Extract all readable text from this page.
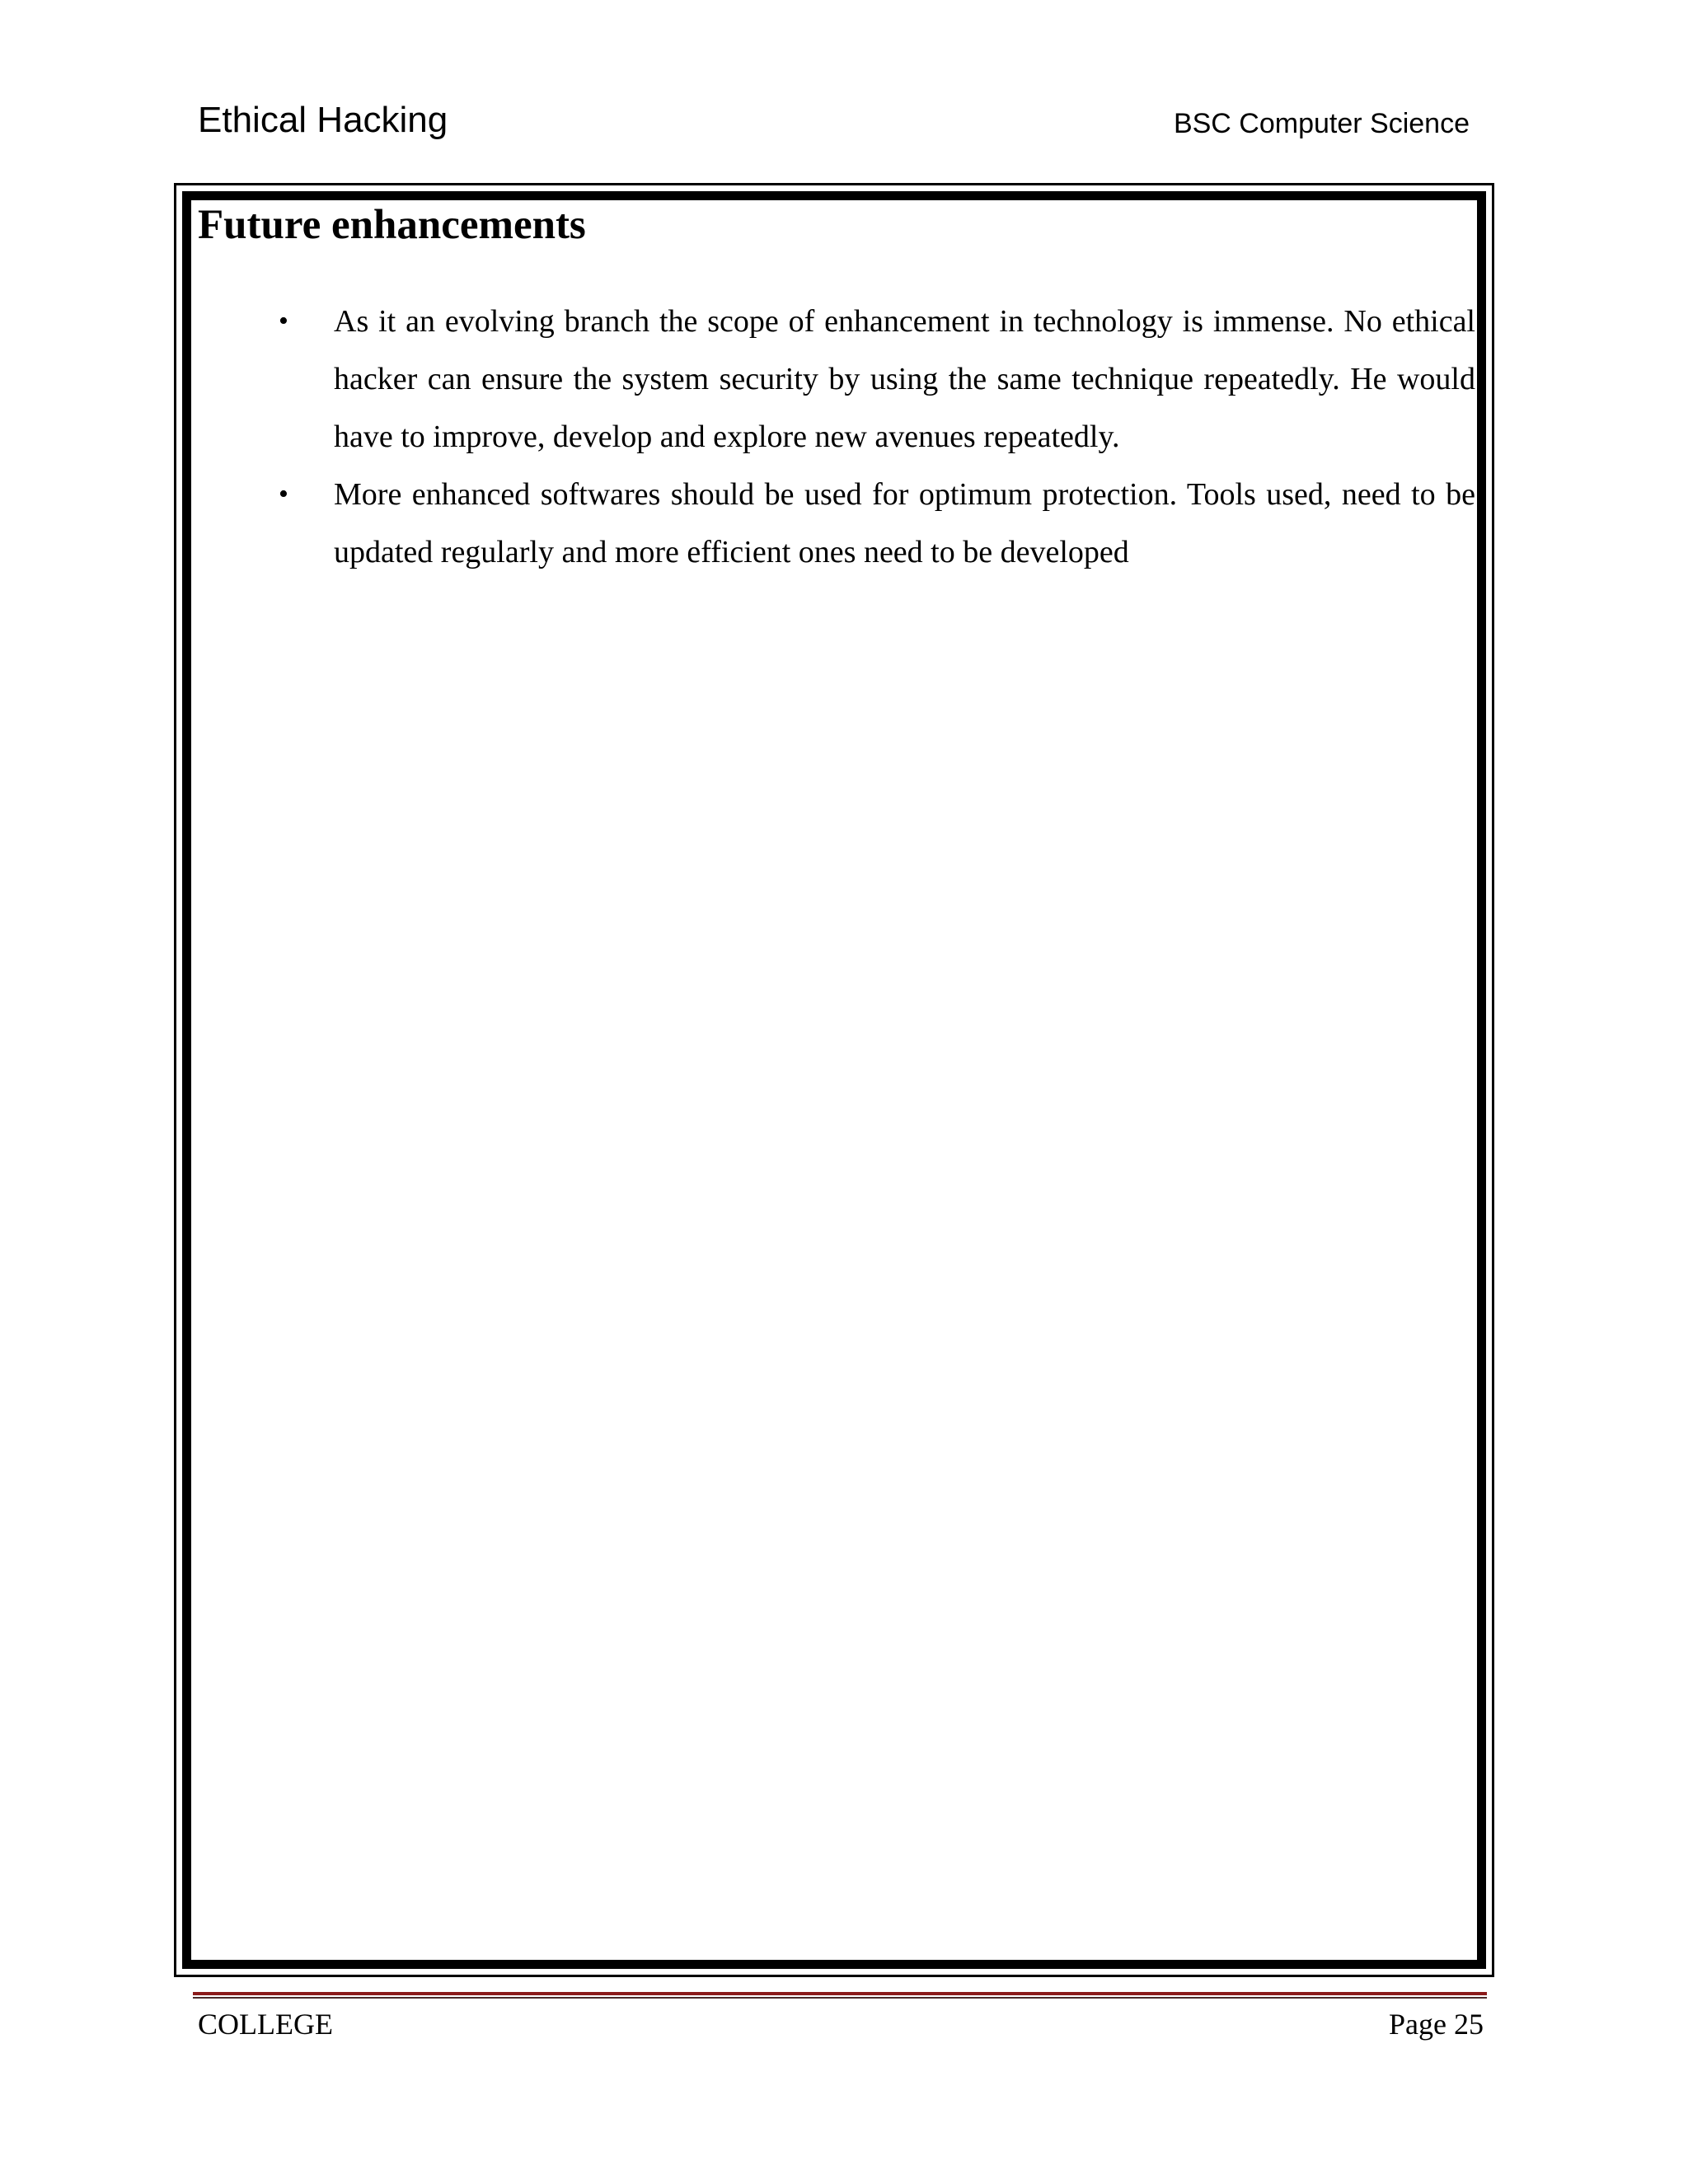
Ethical Hacking	BSC Computer Science
Future enhancements
• As it an evolving branch the scope of enhancement in technology is immense. No ethical hacker can ensure the system security by using the same technique repeatedly. He would have to improve, develop and explore new avenues repeatedly.
• More enhanced softwares should be used for optimum protection. Tools used, need to be updated regularly and more efficient ones need to be developed
COLLEGE	Page 25
